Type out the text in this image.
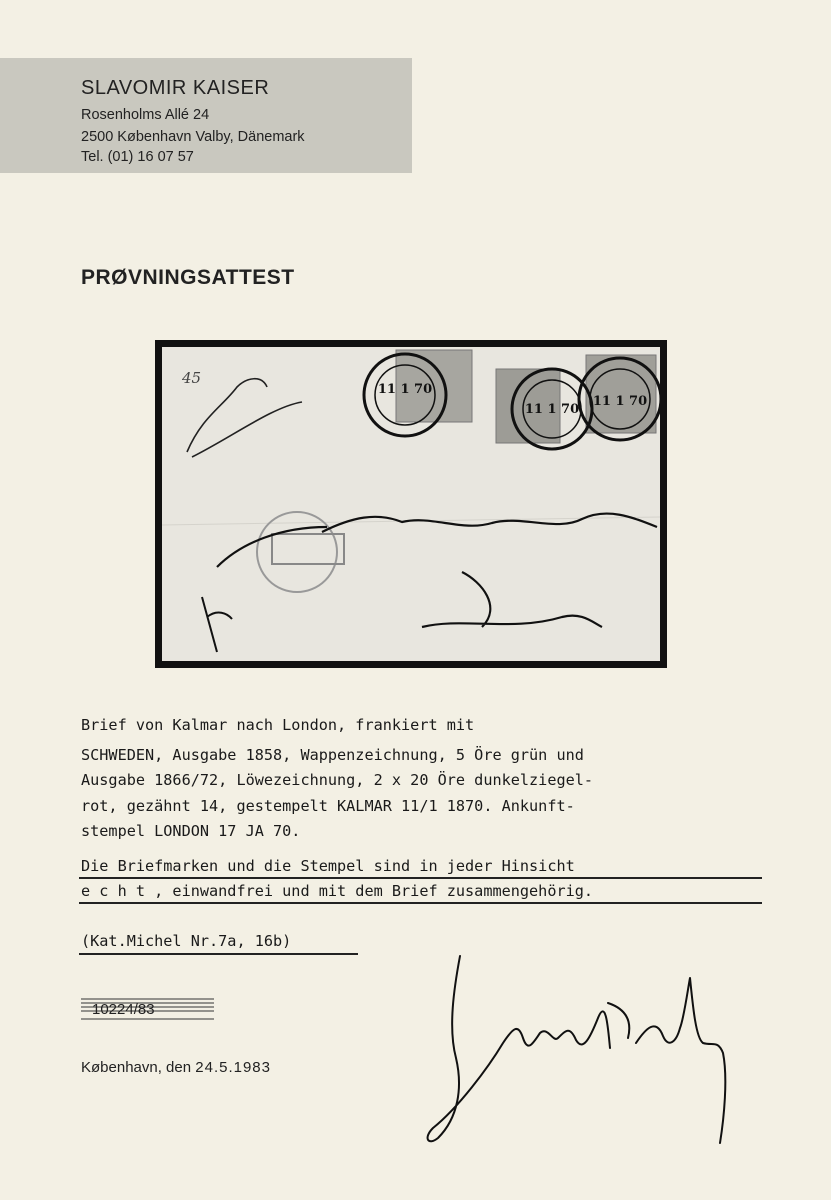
SLAVOMIR KAISER
Rosenholms Allé 24
2500 København Valby, Dänemark
Tel. (01) 16 07 57
PRØVNINGSATTEST
11 1 70
11 1 70
11 1 70
45
Brief von Kalmar nach London, frankiert mit
SCHWEDEN, Ausgabe 1858, Wappenzeichnung, 5 Öre grün und
Ausgabe 1866/72, Löwezeichnung, 2 x 20 Öre dunkelziegel-
rot, gezähnt 14, gestempelt KALMAR 11/1 1870. Ankunft-
stempel LONDON 17 JA 70.
Die Briefmarken und die Stempel sind in jeder Hinsicht
e c h t , einwandfrei und mit dem Brief zusammengehörig.
(Kat.Michel Nr.7a, 16b)
10224/83
København, den 24.5.1983
